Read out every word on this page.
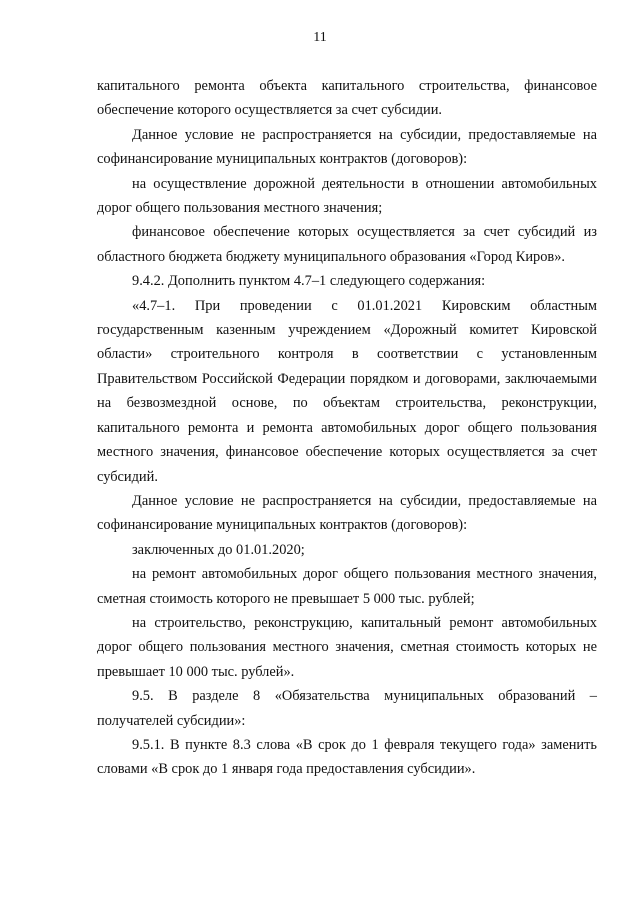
11

капитального ремонта объекта капитального строительства, финансовое обеспечение которого осуществляется за счет субсидии.

Данное условие не распространяется на субсидии, предоставляемые на софинансирование муниципальных контрактов (договоров):

на осуществление дорожной деятельности в отношении автомобильных дорог общего пользования местного значения;

финансовое обеспечение которых осуществляется за счет субсидий из областного бюджета бюджету муниципального образования «Город Киров».

9.4.2. Дополнить пунктом 4.7–1 следующего содержания:

«4.7–1. При проведении с 01.01.2021 Кировским областным государственным казенным учреждением «Дорожный комитет Кировской области» строительного контроля в соответствии с установленным Правительством Российской Федерации порядком и договорами, заключаемыми на безвозмездной основе, по объектам строительства, реконструкции, капитального ремонта и ремонта автомобильных дорог общего пользования местного значения, финансовое обеспечение которых осуществляется за счет субсидий.

Данное условие не распространяется на субсидии, предоставляемые на софинансирование муниципальных контрактов (договоров):

заключенных до 01.01.2020;

на ремонт автомобильных дорог общего пользования местного значения, сметная стоимость которого не превышает 5 000 тыс. рублей;

на строительство, реконструкцию, капитальный ремонт автомобильных дорог общего пользования местного значения, сметная стоимость которых не превышает 10 000 тыс. рублей».

9.5. В разделе 8 «Обязательства муниципальных образований – получателей субсидии»:

9.5.1. В пункте 8.3 слова «В срок до 1 февраля текущего года» заменить словами «В срок до 1 января года предоставления субсидии».
